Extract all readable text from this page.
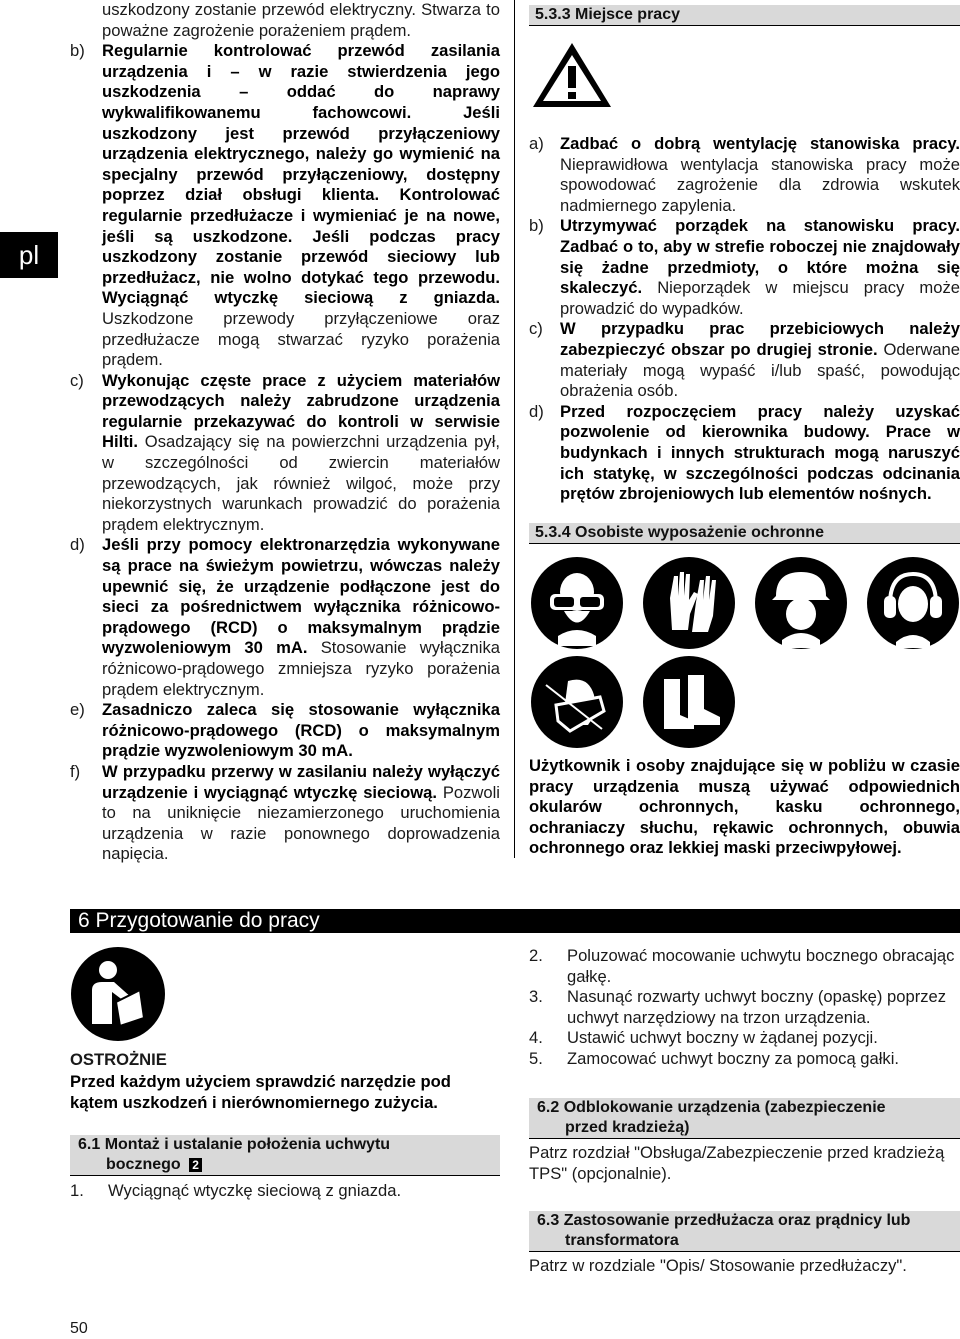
pl

uszkodzony zostanie przewód elektryczny. Stwarza to poważne zagrożenie porażeniem prądem.

b) Regularnie kontrolować przewód zasilania urządzenia i – w razie stwierdzenia jego uszkodzenia – oddać do naprawy wykwalifikowanemu fachowcowi. Jeśli uszkodzony jest przewód przyłączeniowy urządzenia elektrycznego, należy go wymienić na specjalny przewód przyłączeniowy, dostępny poprzez dział obsługi klienta. Kontrolować regularnie przedłużacze i wymieniać je na nowe, jeśli są uszkodzone. Jeśli podczas pracy uszkodzony zostanie przewód sieciowy lub przedłużacz, nie wolno dotykać tego przewodu. Wyciągnąć wtyczkę sieciową z gniazda. Uszkodzone przewody przyłączeniowe oraz przedłużacze mogą stwarzać ryzyko porażenia prądem.

c) Wykonując częste prace z użyciem materiałów przewodzących należy zabrudzone urządzenia regularnie przekazywać do kontroli w serwisie Hilti. Osadzający się na powierzchni urządzenia pył, w szczególności od zwiercin materiałów przewodzących, jak również wilgoć, może przy niekorzystnych warunkach prowadzić do porażenia prądem elektrycznym.

d) Jeśli przy pomocy elektronarzędzia wykonywane są prace na świeżym powietrzu, wówczas należy upewnić się, że urządzenie podłączone jest do sieci za pośrednictwem wyłącznika różnicowo-prądowego (RCD) o maksymalnym prądzie wyzwoleniowym 30 mA. Stosowanie wyłącznika różnicowo-prądowego zmniejsza ryzyko porażenia prądem elektrycznym.

e) Zasadniczo zaleca się stosowanie wyłącznika różnicowo-prądowego (RCD) o maksymalnym prądzie wyzwoleniowym 30 mA.

f) W przypadku przerwy w zasilaniu należy wyłączyć urządzenie i wyciągnąć wtyczkę sieciową. Pozwoli to na uniknięcie niezamierzonego uruchomienia urządzenia w razie ponownego doprowadzenia napięcia.

5.3.3 Miejsce pracy

a) Zadbać o dobrą wentylację stanowiska pracy. Nieprawidłowa wentylacja stanowiska pracy może spowodować zagrożenie dla zdrowia wskutek nadmiernego zapylenia.

b) Utrzymywać porządek na stanowisku pracy. Zadbać o to, aby w strefie roboczej nie znajdowały się żadne przedmioty, o które można się skaleczyć. Nieporządek w miejscu pracy może prowadzić do wypadków.

c) W przypadku prac przebiciowych należy zabezpieczyć obszar po drugiej stronie. Oderwane materiały mogą wypaść i/lub spaść, powodując obrażenia osób.

d) Przed rozpoczęciem pracy należy uzyskać pozwolenie od kierownika budowy. Prace w budynkach i innych strukturach mogą naruszyć ich statykę, w szczególności podczas odcinania prętów zbrojeniowych lub elementów nośnych.

5.3.4 Osobiste wyposażenie ochronne
Użytkownik i osoby znajdujące się w pobliżu w czasie pracy urządzenia muszą używać odpowiednich okularów ochronnych, kasku ochronnego, ochraniaczy słuchu, rękawic ochronnych, obuwia ochronnego oraz lekkiej maski przeciwpyłowej.
6 Przygotowanie do pracy
OSTROŻNIE
Przed każdym użyciem sprawdzić narzędzie pod kątem uszkodzeń i nierównomiernego zużycia.
6.1 Montaż i ustalanie położenia uchwytu
bocznego 2

1. Wyciągnąć wtyczkę sieciową z gniazda.

2. Poluzować mocowanie uchwytu bocznego obracając gałkę.

3. Nasunąć rozwarty uchwyt boczny (opaskę) poprzez uchwyt narzędziowy na trzon urządzenia.

4. Ustawić uchwyt boczny w żądanej pozycji.

5. Zamocować uchwyt boczny za pomocą gałki.

6.2 Odblokowanie urządzenia (zabezpieczenie
przed kradzieżą)
Patrz rozdział "Obsługa/Zabezpieczenie przed kradzieżą TPS" (opcjonalnie).
6.3 Zastosowanie przedłużacza oraz prądnicy lub
transformatora
Patrz w rozdziale "Opis/ Stosowanie przedłużaczy".
50
